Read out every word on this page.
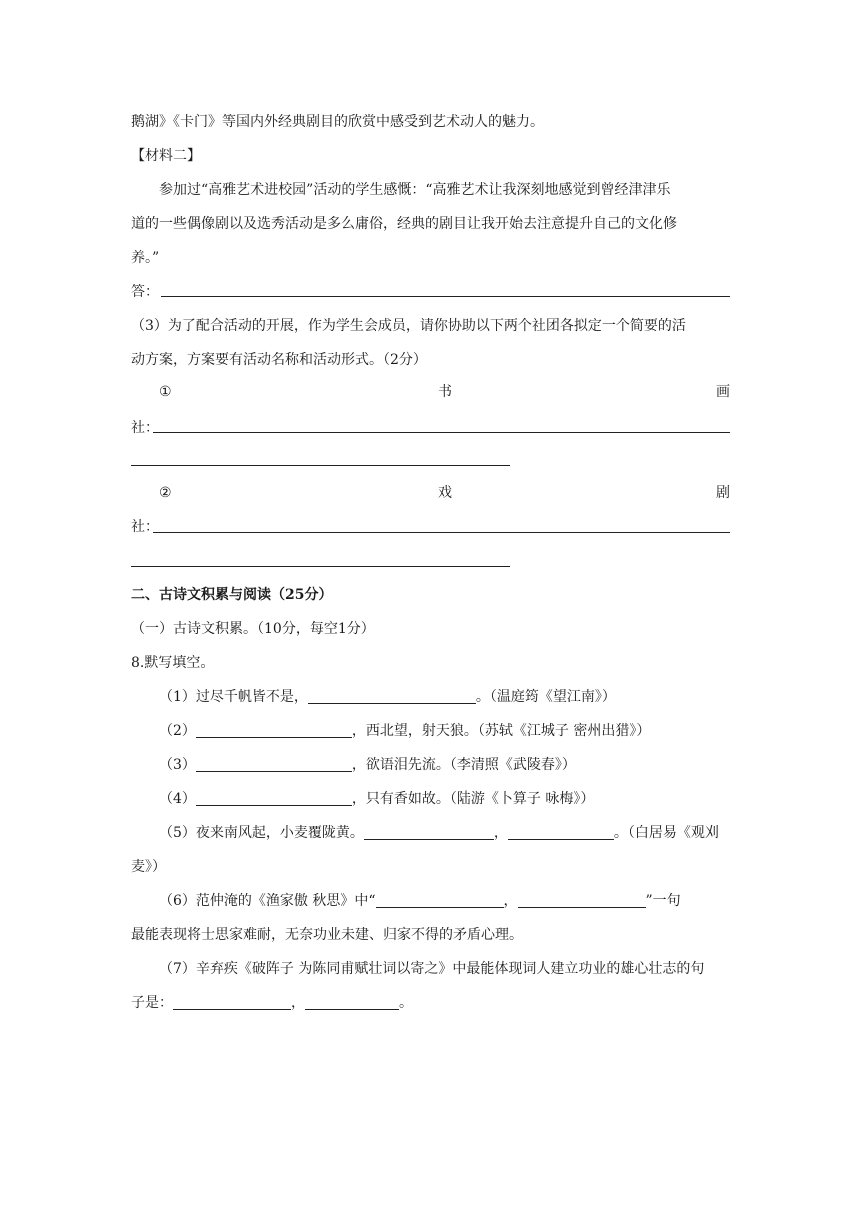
鹅湖》《卡门》等国内外经典剧目的欣赏中感受到艺术动人的魅力。
【材料二】
参加过“高雅艺术进校园”活动的学生感慨：“高雅艺术让我深刻地感觉到曾经津津乐
道的一些偶像剧以及选秀活动是多么庸俗，经典的剧目让我开始去注意提升自己的文化修
养。”
答：
（3）为了配合活动的开展，作为学生会成员，请你协助以下两个社团各拟定一个简要的活
动方案，方案要有活动名称和活动形式。（2分）
①	书	画
社：
②	戏	剧
社：
二、古诗文积累与阅读（25分）
（一）古诗文积累。（10分，每空1分）
8.默写填空。
（1）过尽千帆皆不是，	。（温庭筠《望江南》）
（2）	，西北望，射天狼。（苏轼《江城子 密州出猎》）
（3）	，欲语泪先流。（李清照《武陵春》）
（4）	，只有香如故。（陆游《卜算子 咏梅》）
（5）夜来南风起，小麦覆陇黄。	，	。（白居易《观刈
麦》）
（6）范仲淹的《渔家傲 秋思》中“	，	”一句
最能表现将士思家难耐，无奈功业未建、归家不得的矛盾心理。
（7）辛弃疾《破阵子 为陈同甫赋壮词以寄之》中最能体现词人建立功业的雄心壮志的句
子是：	，	。
